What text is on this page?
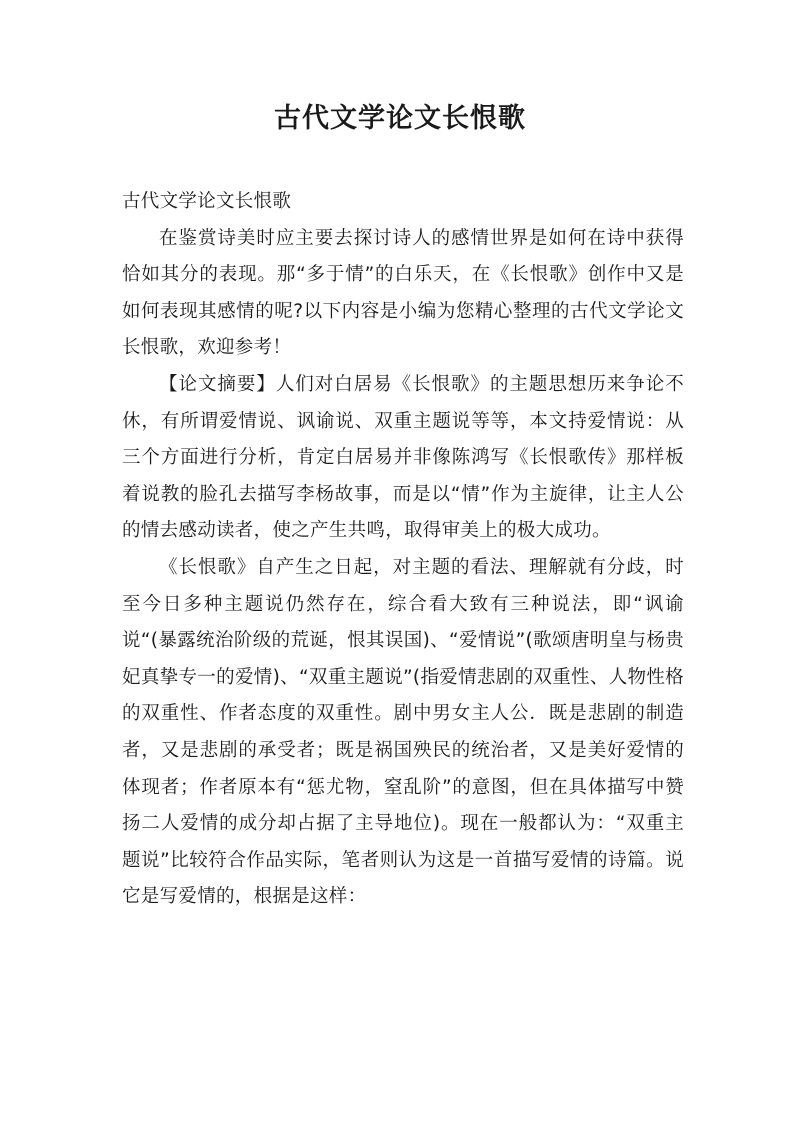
古代文学论文长恨歌

古代文学论文长恨歌

在鉴赏诗美时应主要去探讨诗人的感情世界是如何在诗中获得恰如其分的表现。那“多于情”的白乐天，在《长恨歌》创作中又是如何表现其感情的呢?以下内容是小编为您精心整理的古代文学论文长恨歌，欢迎参考！

【论文摘要】人们对白居易《长恨歌》的主题思想历来争论不休，有所谓爱情说、讽谕说、双重主题说等等，本文持爱情说：从三个方面进行分析，肯定白居易并非像陈鸿写《长恨歌传》那样板着说教的脸孔去描写李杨故事，而是以“情”作为主旋律，让主人公的情去感动读者，使之产生共鸣，取得审美上的极大成功。

《长恨歌》自产生之日起，对主题的看法、理解就有分歧，时至今日多种主题说仍然存在，综合看大致有三种说法，即“讽谕说“(暴露统治阶级的荒诞，恨其误国)、“爱情说”(歌颂唐明皇与杨贵妃真挚专一的爱情)、“双重主题说”(指爱情悲剧的双重性、人物性格的双重性、作者态度的双重性。剧中男女主人公．既是悲剧的制造者，又是悲剧的承受者；既是祸国殃民的统治者，又是美好爱情的体现者；作者原本有“惩尤物，窒乱阶”的意图，但在具体描写中赞扬二人爱情的成分却占据了主导地位)。现在一般都认为：“双重主题说”比较符合作品实际，笔者则认为这是一首描写爱情的诗篇。说它是写爱情的，根据是这样：
